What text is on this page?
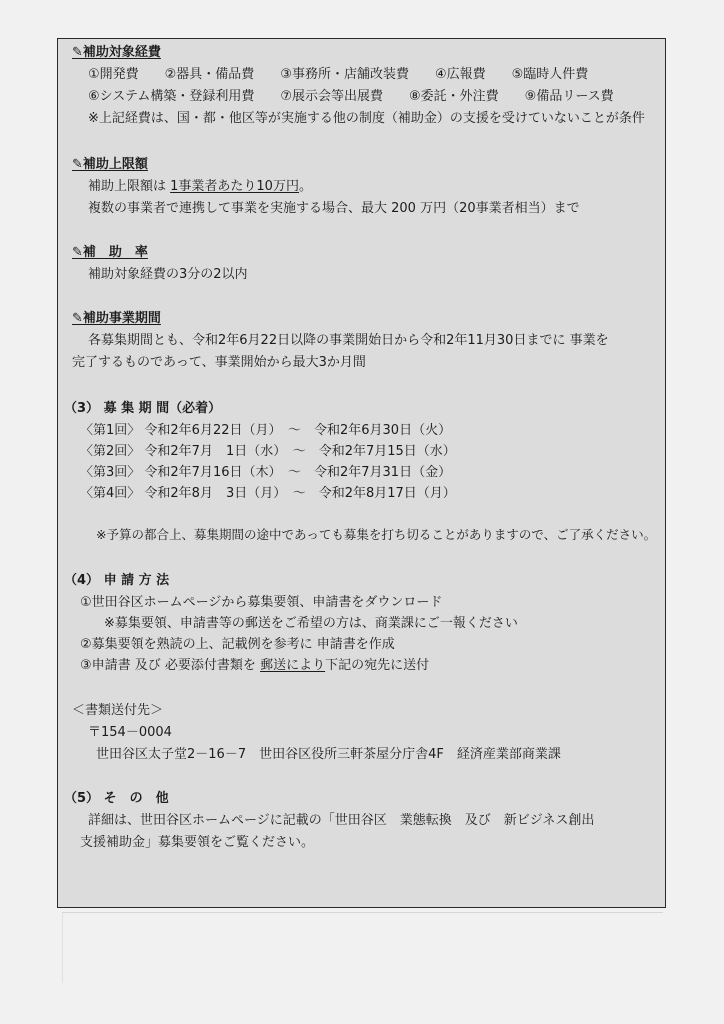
✎補助対象経費
①開発費　　②器具・備品費　　③事務所・店舗改装費　　④広報費　　⑤臨時人件費
⑥システム構築・登録利用費　　⑦展示会等出展費　　⑧委託・外注費　　⑨備品リース費
※上記経費は、国・都・他区等が実施する他の制度（補助金）の支援を受けていないことが条件
✎補助上限額
補助上限額は 1事業者あたり10万円。
複数の事業者で連携して事業を実施する場合、最大 200 万円（20事業者相当）まで
✎補　助　率
補助対象経費の3分の2以内
✎補助事業期間
各募集期間とも、令和2年6月22日以降の事業開始日から令和2年11月30日までに 事業を
完了するものであって、事業開始から最大3か月間
（3） 募 集 期 間（必着）
〈第1回〉 令和2年6月22日（月）　～　令和2年6月30日（火）
〈第2回〉 令和2年7月　1日（水）　～　令和2年7月15日（水）
〈第3回〉 令和2年7月16日（木）　～　令和2年7月31日（金）
〈第4回〉 令和2年8月　3日（月）　～　令和2年8月17日（月）
※予算の都合上、募集期間の途中であっても募集を打ち切ることがありますので、ご了承ください。
（4） 申 請 方 法
①世田谷区ホームページから募集要領、申請書をダウンロード
※募集要領、申請書等の郵送をご希望の方は、商業課にご一報ください
②募集要領を熟読の上、記載例を参考に 申請書を作成
③申請書 及び 必要添付書類を 郵送により下記の宛先に送付
＜書類送付先＞
〒154－0004
世田谷区太子堂2－16－7　世田谷区役所三軒茶屋分庁舎4F　経済産業部商業課
（5） そ　の　他
詳細は、世田谷区ホームページに記載の「世田谷区　業態転換　及び　新ビジネス創出
支援補助金」募集要領をご覧ください。
